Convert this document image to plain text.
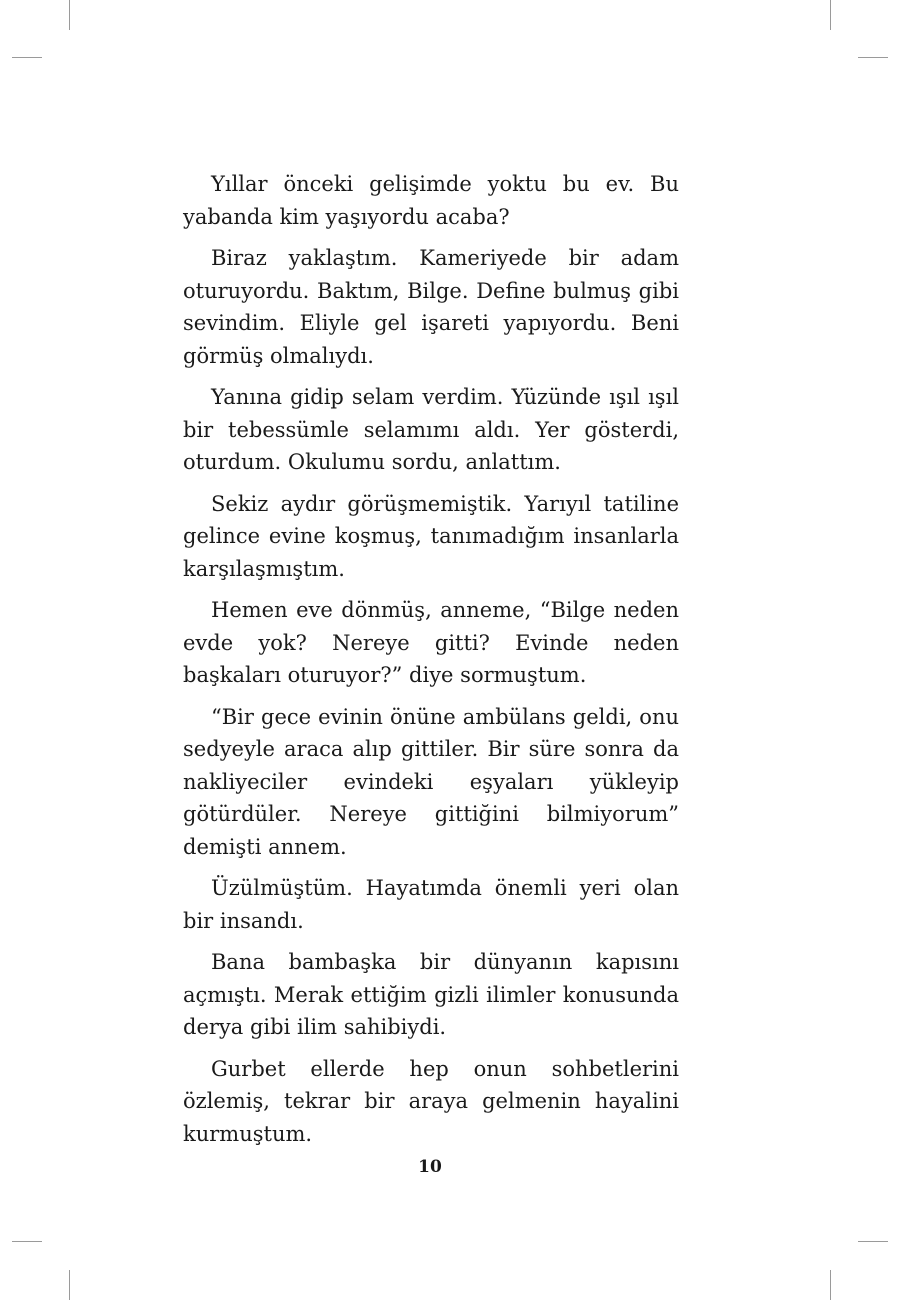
Yıllar önceki gelişimde yoktu bu ev. Bu yabanda kim yaşıyordu acaba?

Biraz yaklaştım. Kameriyede bir adam oturuyordu. Baktım, Bilge. Define bulmuş gibi sevindim. Eliyle gel işareti yapıyordu. Beni görmüş olmalıydı.

Yanına gidip selam verdim. Yüzünde ışıl ışıl bir tebessümle selamımı aldı. Yer gösterdi, oturdum. Okulumu sordu, anlattım.

Sekiz aydır görüşmemiştik. Yarıyıl tatiline gelince evine koşmuş, tanımadığım insanlarla karşılaşmıştım.

Hemen eve dönmüş, anneme, “Bilge neden evde yok? Nereye gitti? Evinde neden başkaları oturuyor?” diye sormuştum.

“Bir gece evinin önüne ambülans geldi, onu sedyeyle araca alıp gittiler. Bir süre sonra da nakliyeciler evindeki eşyaları yükleyip götürdüler. Nereye gittiğini bilmiyorum” demişti annem.

Üzülmüştüm. Hayatımda önemli yeri olan bir insandı.

Bana bambaşka bir dünyanın kapısını açmıştı. Merak ettiğim gizli ilimler konusunda derya gibi ilim sahibiydi.

Gurbet ellerde hep onun sohbetlerini özlemiş, tekrar bir araya gelmenin hayalini kurmuştum.

10
